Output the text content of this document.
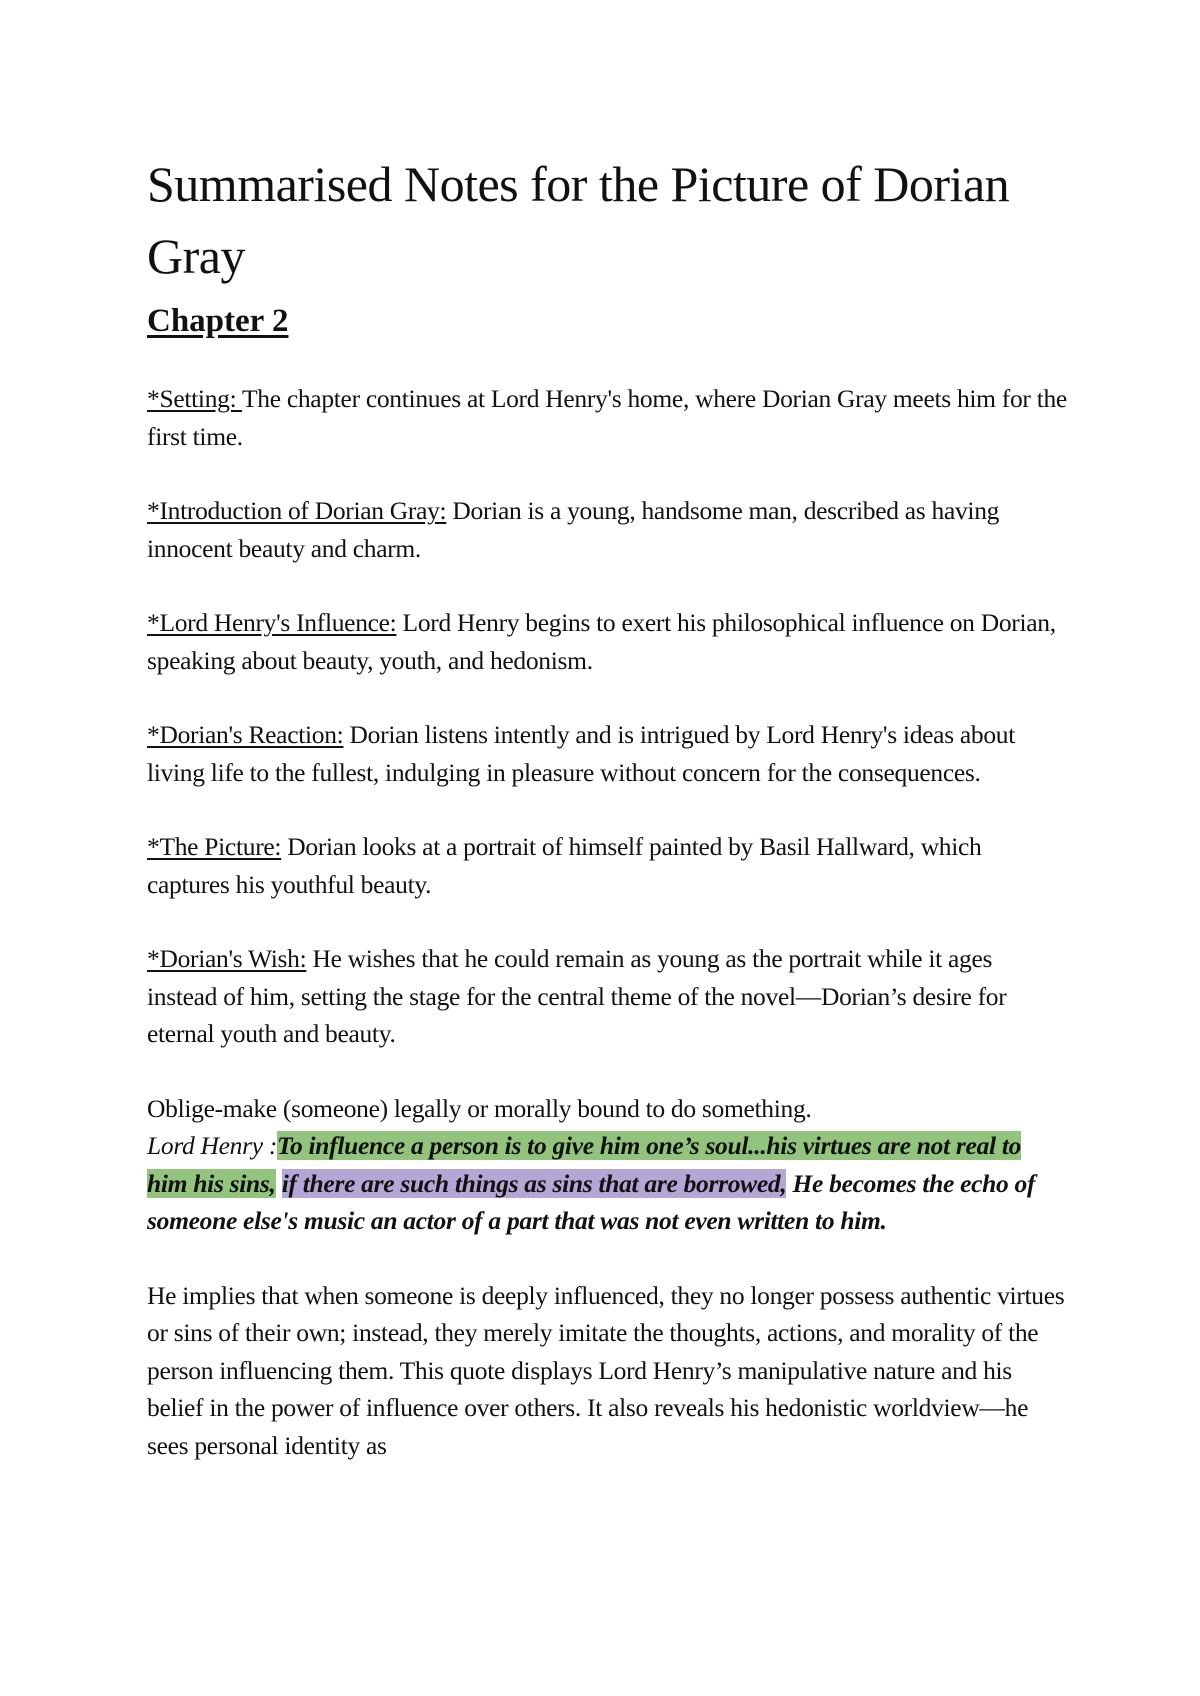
Summarised Notes for the Picture of Dorian Gray
Chapter 2

*Setting: The chapter continues at Lord Henry's home, where Dorian Gray meets him for the first time.

*Introduction of Dorian Gray: Dorian is a young, handsome man, described as having innocent beauty and charm.

*Lord Henry's Influence: Lord Henry begins to exert his philosophical influence on Dorian, speaking about beauty, youth, and hedonism.

*Dorian's Reaction: Dorian listens intently and is intrigued by Lord Henry's ideas about living life to the fullest, indulging in pleasure without concern for the consequences.

*The Picture: Dorian looks at a portrait of himself painted by Basil Hallward, which captures his youthful beauty.

*Dorian's Wish: He wishes that he could remain as young as the portrait while it ages instead of him, setting the stage for the central theme of the novel—Dorian’s desire for eternal youth and beauty.

Oblige-make (someone) legally or morally bound to do something.

Lord Henry :To influence a person is to give him one’s soul...his virtues are not real to him his sins, if there are such things as sins that are borrowed, He becomes the echo of someone else's music an actor of a part that was not even written to him.

He implies that when someone is deeply influenced, they no longer possess authentic virtues or sins of their own; instead, they merely imitate the thoughts, actions, and morality of the person influencing them. This quote displays Lord Henry’s manipulative nature and his belief in the power of influence over others. It also reveals his hedonistic worldview—he sees personal identity as
